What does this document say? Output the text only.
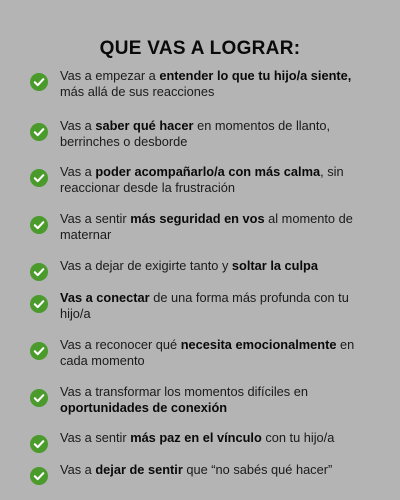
QUE VAS A LOGRAR:
Vas a empezar a entender lo que tu hijo/a siente, más allá de sus reacciones
Vas a saber qué hacer en momentos de llanto, berrinches o desborde
Vas a poder acompañarlo/a con más calma, sin reaccionar desde la frustración
Vas a sentir más seguridad en vos al momento de maternar
Vas a dejar de exigirte tanto y soltar la culpa
Vas a conectar de una forma más profunda con tu hijo/a
Vas a reconocer qué necesita emocionalmente en cada momento
Vas a transformar los momentos difíciles en oportunidades de conexión
Vas a sentir más paz en el vínculo con tu hijo/a
Vas a dejar de sentir que “no sabés qué hacer”
